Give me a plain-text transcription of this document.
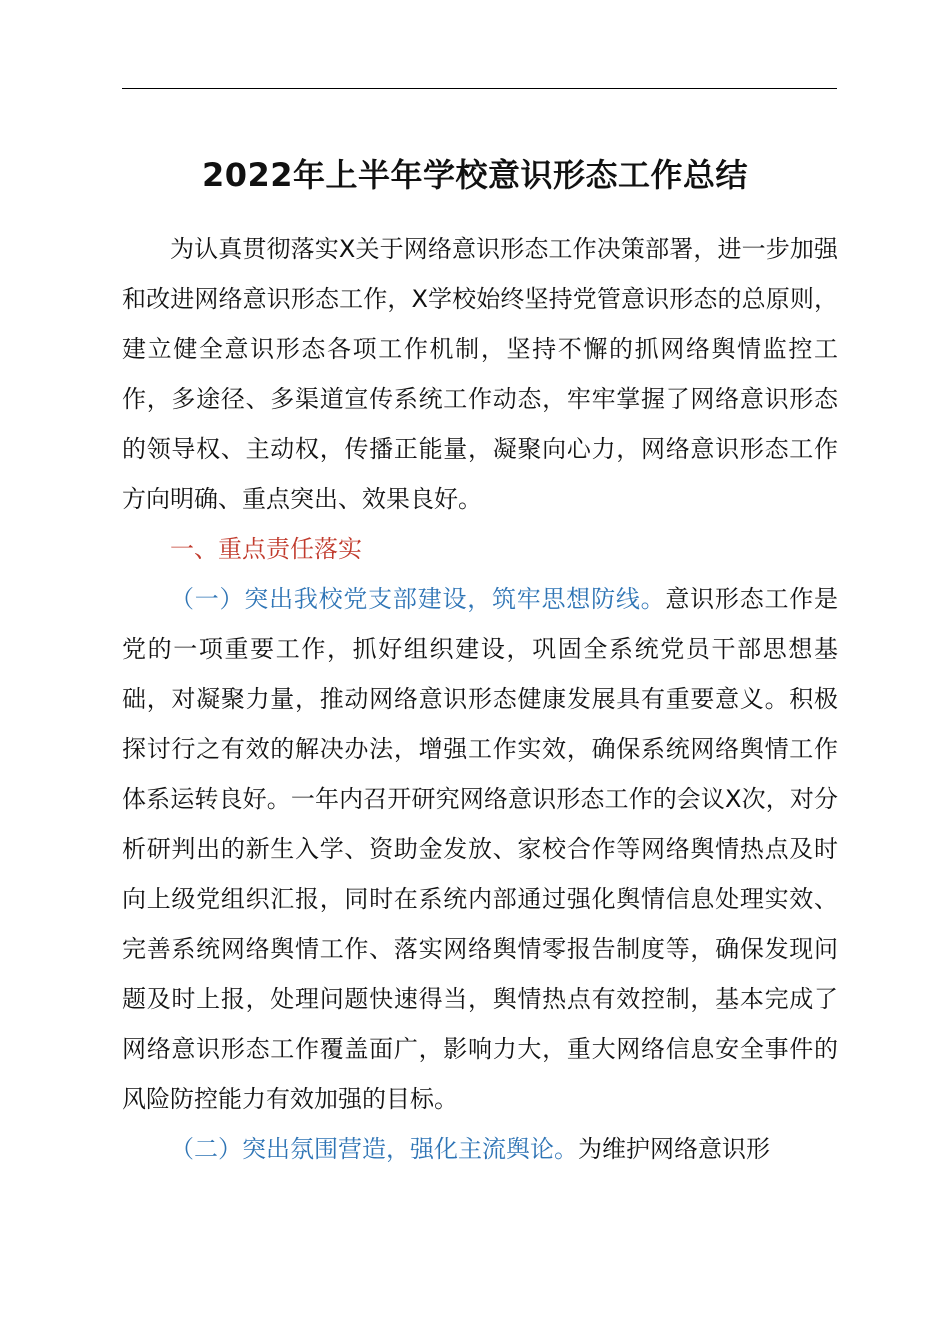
2022年上半年学校意识形态工作总结

为认真贯彻落实X关于网络意识形态工作决策部署，进一步加强和改进网络意识形态工作，X学校始终坚持党管意识形态的总原则，建立健全意识形态各项工作机制，坚持不懈的抓网络舆情监控工作，多途径、多渠道宣传系统工作动态，牢牢掌握了网络意识形态的领导权、主动权，传播正能量，凝聚向心力，网络意识形态工作方向明确、重点突出、效果良好。

一、重点责任落实

（一）突出我校党支部建设，筑牢思想防线。意识形态工作是党的一项重要工作，抓好组织建设，巩固全系统党员干部思想基础，对凝聚力量，推动网络意识形态健康发展具有重要意义。积极探讨行之有效的解决办法，增强工作实效，确保系统网络舆情工作体系运转良好。一年内召开研究网络意识形态工作的会议X次，对分析研判出的新生入学、资助金发放、家校合作等网络舆情热点及时向上级党组织汇报，同时在系统内部通过强化舆情信息处理实效、完善系统网络舆情工作、落实网络舆情零报告制度等，确保发现问题及时上报，处理问题快速得当，舆情热点有效控制，基本完成了网络意识形态工作覆盖面广，影响力大，重大网络信息安全事件的风险防控能力有效加强的目标。

（二）突出氛围营造，强化主流舆论。为维护网络意识形
